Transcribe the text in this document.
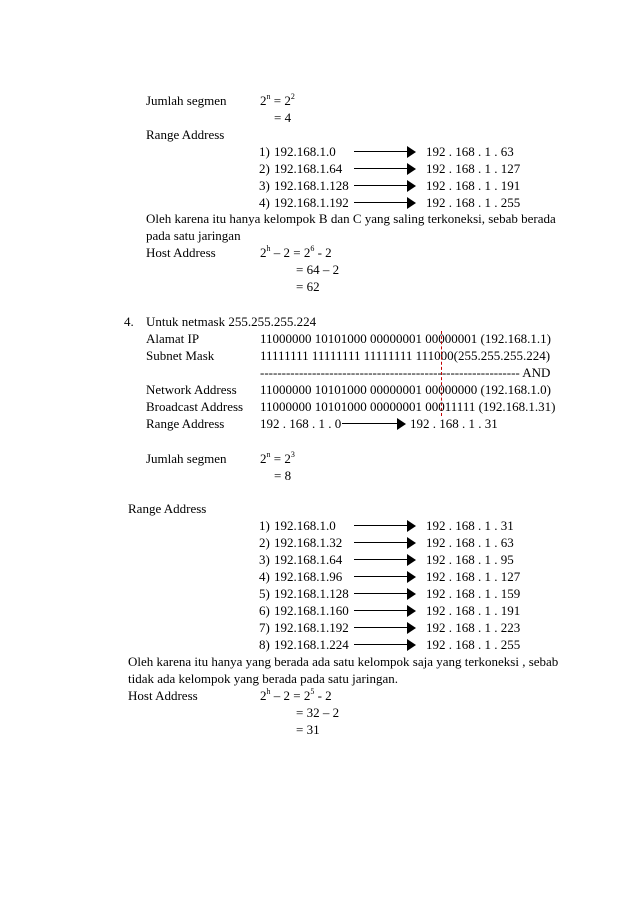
Jumlah segmen	$2^n = 2^2$
= 4
Range Address
1) 192.168.1.0	192 . 168 . 1 . 63
2) 192.168.1.64	192 . 168 . 1 . 127
3) 192.168.1.128	192 . 168 . 1 . 191
4) 192.168.1.192	192 . 168 . 1 . 255
Oleh karena itu hanya kelompok B dan C yang saling terkoneksi, sebab berada
pada satu jaringan
Host Address	$2^h - 2 = 2^6 - 2$
= 64 – 2
= 62
4. Untuk netmask 255.255.255.224
Alamat IP	11000000 10101000 00000001 00000001 (192.168.1.1)
Subnet Mask	11111111 11111111 11111111 111000(255.255.255.224)
------------------------------------------------------------ AND
Network Address 11000000 10101000 00000001 00000000 (192.168.1.0)
Broadcast Address 11000000 10101000 00000001 00011111 (192.168.1.31)
Range Address	192 . 168 . 1 . 0	192 . 168 . 1 . 31
Jumlah segmen	$2^n = 2^3$
= 8
Range Address
1) 192.168.1.0	192 . 168 . 1 . 31
2) 192.168.1.32	192 . 168 . 1 . 63
3) 192.168.1.64	192 . 168 . 1 . 95
4) 192.168.1.96	192 . 168 . 1 . 127
5) 192.168.1.128	192 . 168 . 1 . 159
6) 192.168.1.160	192 . 168 . 1 . 191
7) 192.168.1.192	192 . 168 . 1 . 223
8) 192.168.1.224	192 . 168 . 1 . 255
Oleh karena itu hanya yang berada ada satu kelompok saja yang terkoneksi , sebab
tidak ada kelompok yang berada pada satu jaringan.
Host Address	$2^h - 2 = 2^5 - 2$
= 32 – 2
= 31
